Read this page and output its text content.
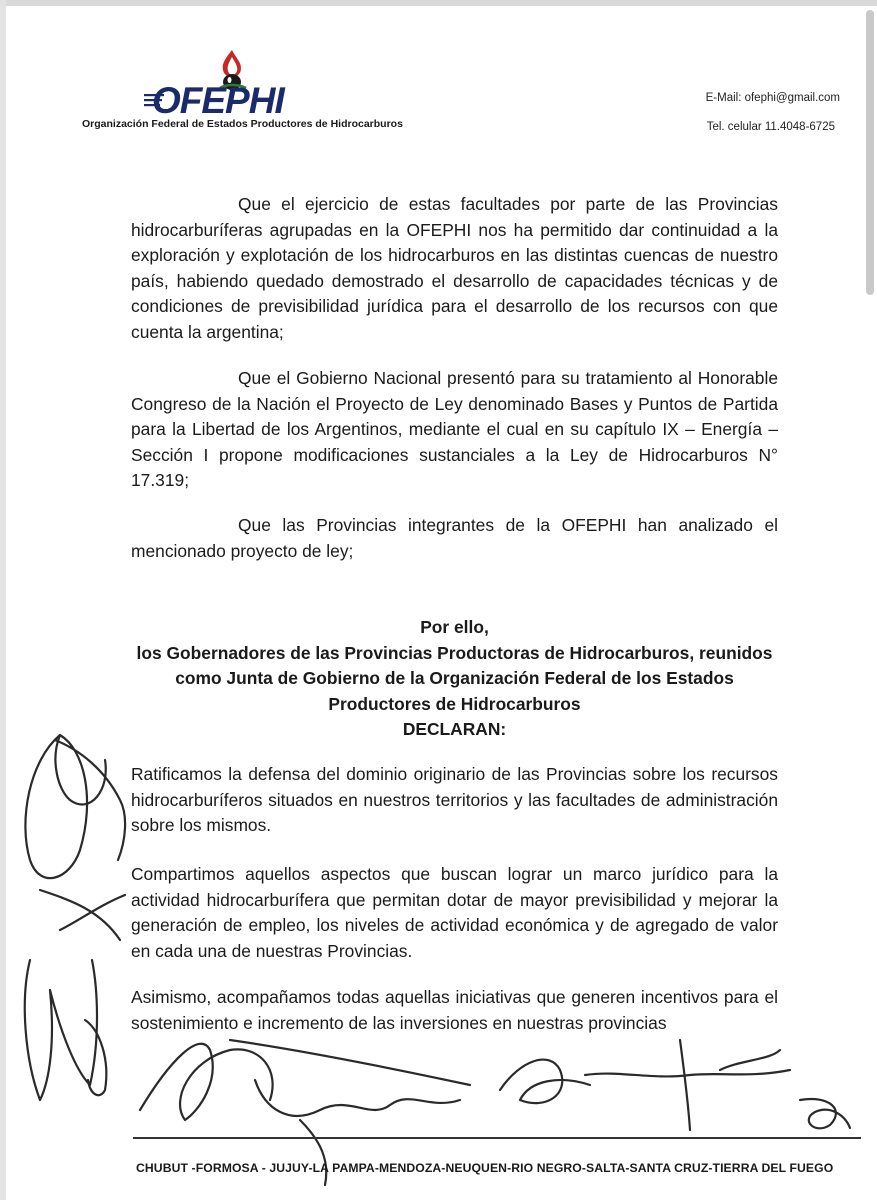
OFEPHI
Organización Federal de Estados Productores de Hidrocarburos
E-Mail: ofephi@gmail.com
Tel. celular 11.4048-6725
Que el ejercicio de estas facultades por parte de las Provincias hidrocarburíferas agrupadas en la OFEPHI nos ha permitido dar continuidad a la exploración y explotación de los hidrocarburos en las distintas cuencas de nuestro país, habiendo quedado demostrado el desarrollo de capacidades técnicas y de condiciones de previsibilidad jurídica para el desarrollo de los recursos con que cuenta la argentina;
Que el Gobierno Nacional presentó para su tratamiento al Honorable Congreso de la Nación el Proyecto de Ley denominado Bases y Puntos de Partida para la Libertad de los Argentinos, mediante el cual en su capítulo IX – Energía – Sección I propone modificaciones sustanciales a la Ley de Hidrocarburos N° 17.319;
Que las Provincias integrantes de la OFEPHI han analizado el mencionado proyecto de ley;
Por ello,
los Gobernadores de las Provincias Productoras de Hidrocarburos, reunidos
como Junta de Gobierno de la Organización Federal de los Estados
Productores de Hidrocarburos
DECLARAN:
Ratificamos la defensa del dominio originario de las Provincias sobre los recursos hidrocarburíferos situados en nuestros territorios y las facultades de administración sobre los mismos.
Compartimos aquellos aspectos que buscan lograr un marco jurídico para la actividad hidrocarburífera que permitan dotar de mayor previsibilidad y mejorar la generación de empleo, los niveles de actividad económica y de agregado de valor en cada una de nuestras Provincias.
Asimismo, acompañamos todas aquellas iniciativas que generen incentivos para el sostenimiento e incremento de las inversiones en nuestras provincias
CHUBUT -FORMOSA - JUJUY-LA PAMPA-MENDOZA-NEUQUEN-RIO NEGRO-SALTA-SANTA CRUZ-TIERRA DEL FUEGO
